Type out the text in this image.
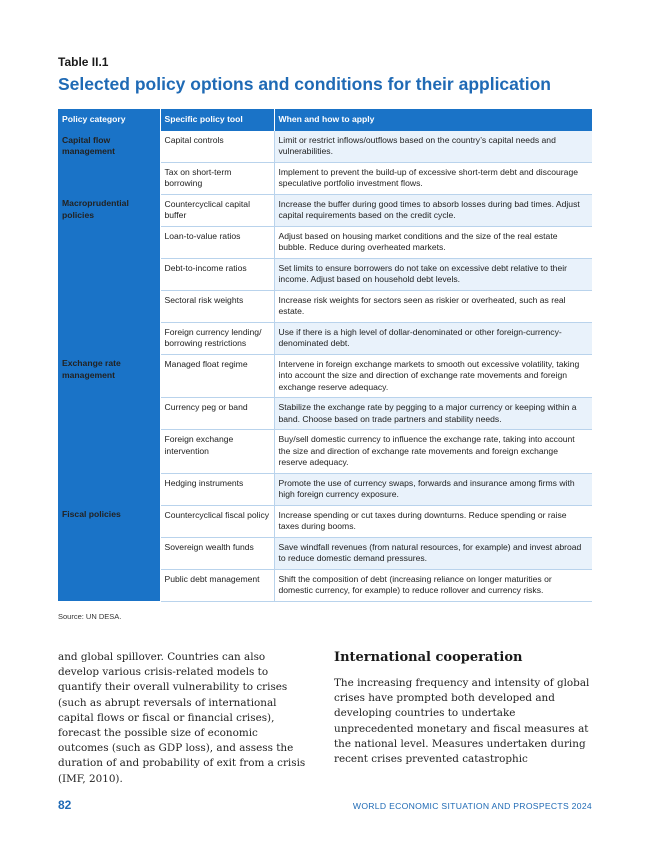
Table II.1
Selected policy options and conditions for their application
Policy category	Specific policy tool	When and how to apply
Capital flow management	Capital controls	Limit or restrict inflows/outflows based on the country’s capital needs and vulnerabilities.
	Tax on short-term borrowing	Implement to prevent the build-up of excessive short-term debt and discourage speculative portfolio investment flows.
Macroprudential policies	Countercyclical capital buffer	Increase the buffer during good times to absorb losses during bad times. Adjust capital requirements based on the credit cycle.
	Loan-to-value ratios	Adjust based on housing market conditions and the size of the real estate bubble. Reduce during overheated markets.
	Debt-to-income ratios	Set limits to ensure borrowers do not take on excessive debt relative to their income. Adjust based on household debt levels.
	Sectoral risk weights	Increase risk weights for sectors seen as riskier or overheated, such as real estate.
	Foreign currency lending/ borrowing restrictions	Use if there is a high level of dollar-denominated or other foreign-currency-denominated debt.
Exchange rate management	Managed float regime	Intervene in foreign exchange markets to smooth out excessive volatility, taking into account the size and direction of exchange rate movements and foreign exchange reserve adequacy.
	Currency peg or band	Stabilize the exchange rate by pegging to a major currency or keeping within a band. Choose based on trade partners and stability needs.
	Foreign exchange intervention	Buy/sell domestic currency to influence the exchange rate, taking into account the size and direction of exchange rate movements and foreign exchange reserve adequacy.
	Hedging instruments	Promote the use of currency swaps, forwards and insurance among firms with high foreign currency exposure.
Fiscal policies	Countercyclical fiscal policy	Increase spending or cut taxes during downturns. Reduce spending or raise taxes during booms.
	Sovereign wealth funds	Save windfall revenues (from natural resources, for example) and invest abroad to reduce domestic demand pressures.
	Public debt management	Shift the composition of debt (increasing reliance on longer maturities or domestic currency, for example) to reduce rollover and currency risks.
Source: UN DESA.
and global spillover. Countries can also develop various crisis-related models to quantify their overall vulnerability to crises (such as abrupt reversals of international capital flows or fiscal or financial crises), forecast the possible size of economic outcomes (such as GDP loss), and assess the duration of and probability of exit from a crisis (IMF, 2010).
International cooperation
The increasing frequency and intensity of global crises have prompted both developed and developing countries to undertake unprecedented monetary and fiscal measures at the national level. Measures undertaken during recent crises prevented catastrophic
82	WORLD ECONOMIC SITUATION AND PROSPECTS 2024
